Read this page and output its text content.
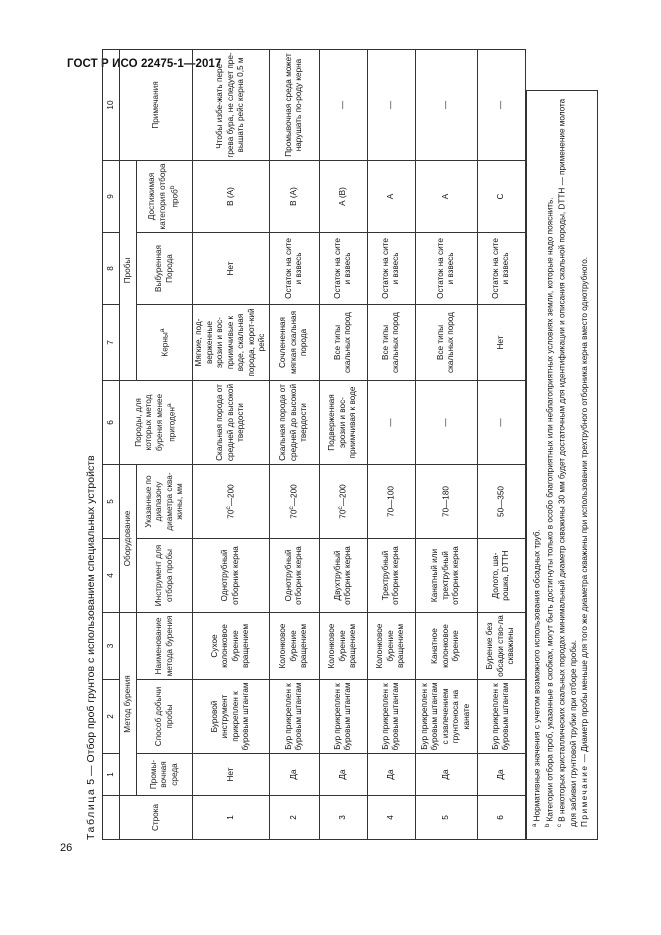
ГОСТ Р ИСО 22475-1—2017
26
Таблица 5 — Отбор проб грунтов с использованием специальных устройств
		1	2	3	4	5	6	7	8	9	10
Строка	Метод бурения			Оборудование		Породы, для которых метод бурения менее пригоден$^а$	Пробы			Примечания
	Промы-вочная среда	Способ добычи пробы	Наименование метода бурения	Инструмент для отбора пробы	Указанные по диапазону диаметра сква-жины, мм		Керны$^а$	Выбуренная Порода	Достижимая категория отбора проб$^b$
1	Нет	Буровой инструмент прикреплен к буровым штангам	Сухое колонковое бурение вращением	Однотрубный отборник керна	$70^с—200$	Скальная порода от средней до высокой твердости	Мягкие, под-верженные эрозии и вос-приимчивые к воде, скальная порода, корот-кий рейс	Нет	В (А)	Чтобы избе-жать пере-грева бура, не следует пре-вышать рейс керна 0,5 м
2	Да	Бур прикреплен к буровым штангам	Колонковое бурение вращением	Однотрубный отборник керна	$70^с—200$	Скальная порода от средней до высокой твердости	Сочлененная мягкая скальная порода	Остаток на сите и взвесь	В (А)	Промывочная среда может нарушать по-роду керна
3	Да	Бур прикреплен к буровым штангам	Колонковое бурение вращением	Двухтрубный отборник керна	$70^с—200$	Подверженная эрозии и вос-приимчивая к воде	Все типы скальных пород	Остаток на сите и взвесь	А (В)	—
4	Да	Бур прикреплен к буровым штангам	Колонковое бурение вращением	Трехтрубный отборник керна	70—100	—	Все типы скальных пород	Остаток на сите и взвесь	А	—
5	Да	Бур прикреплен к буровым штангам с извлечением грунтоноса на канате	Канатное колонковое бурение	Канатный или трехтрубный отборник керна	70—180	—	Все типы скальных пород	Остаток на сите и взвесь	А	—
6	Да	Бур прикреплен к буровым штангам	Бурение без обсадки ство-ла скважины	Долото, ша-рошка, DTTH	50—350	—	Нет	Остаток на сите и взвесь	С	—

$^а$ Нормативные значения с учетом возможного использования обсадных труб.

$^b$ Категории отбора проб, указанные в скобках, могут быть достигнуты только в особо благоприятных или неблагоприятных условиях земли, которые надо пояснить.

$^с$ В некоторых кристаллических скальных породах минимальный диаметр скважины 30 мм будет достаточным для идентификации и описания скальной породы, DTTH — применение молота для забивки грунтовой трубки при отборе пробы. Примечание — Диаметр пробы меньше для того же диаметра скважины при использовании трехтрубного отборника керна вместо однотрубного.
